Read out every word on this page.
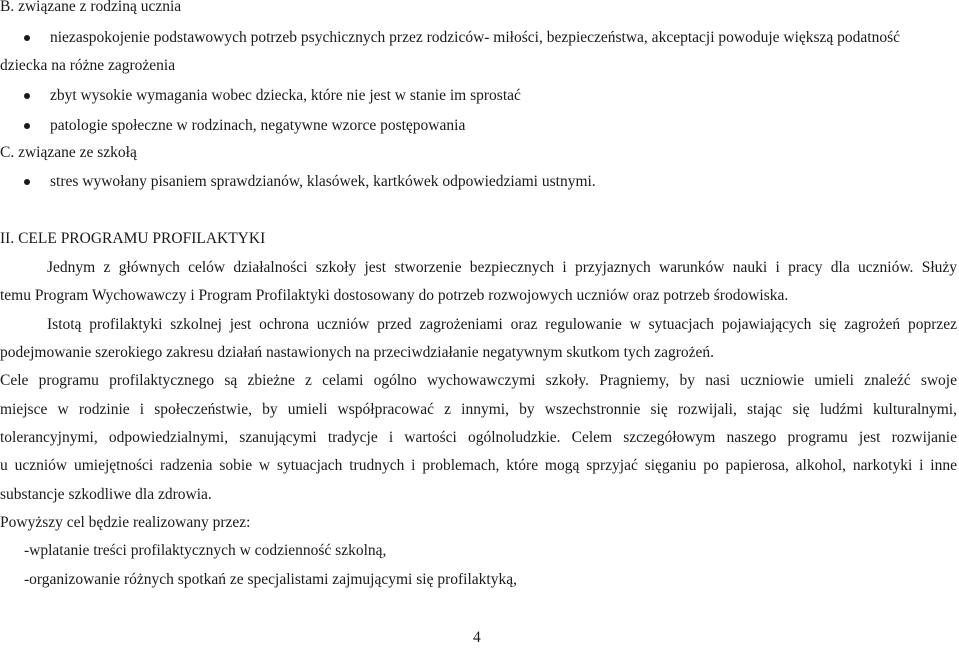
B. związane z rodziną ucznia
niezaspokojenie podstawowych potrzeb psychicznych przez rodziców- miłości, bezpieczeństwa, akceptacji powoduje większą podatność
dziecka na różne zagrożenia
zbyt wysokie wymagania wobec dziecka, które nie jest w stanie im sprostać
patologie społeczne w rodzinach, negatywne wzorce postępowania
C. związane ze szkołą
stres wywołany pisaniem sprawdzianów, klasówek, kartkówek odpowiedziami ustnymi.
II. CELE PROGRAMU PROFILAKTYKI
Jednym z głównych celów działalności szkoły jest stworzenie bezpiecznych i przyjaznych warunków nauki i pracy dla uczniów. Służy
temu Program Wychowawczy i Program Profilaktyki dostosowany do potrzeb rozwojowych uczniów oraz potrzeb środowiska.
Istotą profilaktyki szkolnej jest ochrona uczniów przed zagrożeniami oraz regulowanie w sytuacjach pojawiających się zagrożeń poprzez
podejmowanie szerokiego zakresu działań nastawionych na przeciwdziałanie negatywnym skutkom tych zagrożeń.
Cele programu profilaktycznego są zbieżne z celami ogólno wychowawczymi szkoły. Pragniemy, by nasi uczniowie umieli znaleźć swoje
miejsce w rodzinie i społeczeństwie, by umieli współpracować z innymi, by wszechstronnie się rozwijali, stając się ludźmi kulturalnymi,
tolerancyjnymi, odpowiedzialnymi, szanującymi tradycje i wartości ogólnoludzkie. Celem szczegółowym naszego programu jest rozwijanie
u uczniów umiejętności radzenia sobie w sytuacjach trudnych i problemach, które mogą sprzyjać sięganiu po papierosa, alkohol, narkotyki i inne
substancje szkodliwe dla zdrowia.
Powyższy cel będzie realizowany przez:
-wplatanie treści profilaktycznych w codzienność szkolną,
-organizowanie różnych spotkań ze specjalistami zajmującymi się profilaktyką,
4
